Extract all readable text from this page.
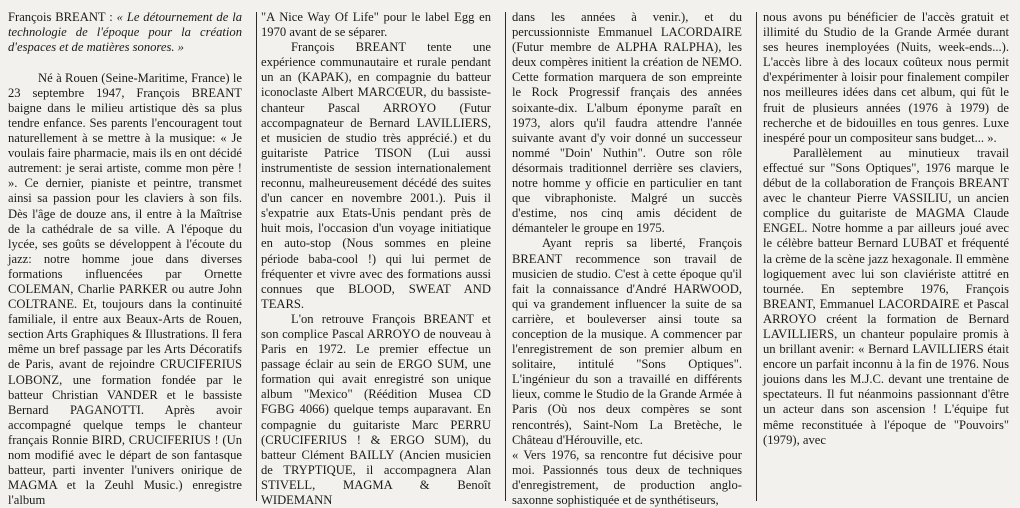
François BREANT : « Le détournement de la technologie de l'époque pour la création d'espaces et de matières sonores. »

Né à Rouen (Seine-Maritime, France) le 23 septembre 1947, François BREANT baigne dans le milieu artistique dès sa plus tendre enfance. Ses parents l'encouragent tout naturellement à se mettre à la musique: « Je voulais faire pharmacie, mais ils en ont décidé autrement: je serai artiste, comme mon père ! ». Ce dernier, pianiste et peintre, transmet ainsi sa passion pour les claviers à son fils. Dès l'âge de douze ans, il entre à la Maîtrise de la cathédrale de sa ville. A l'époque du lycée, ses goûts se développent à l'écoute du jazz: notre homme joue dans diverses formations influencées par Ornette COLEMAN, Charlie PARKER ou autre John COLTRANE. Et, toujours dans la continuité familiale, il entre aux Beaux-Arts de Rouen, section Arts Graphiques & Illustrations. Il fera même un bref passage par les Arts Décoratifs de Paris, avant de rejoindre CRUCIFERIUS LOBONZ, une formation fondée par le batteur Christian VANDER et le bassiste Bernard PAGANOTTI. Après avoir accompagné quelque temps le chanteur français Ronnie BIRD, CRUCIFERIUS ! (Un nom modifié avec le départ de son fantasque batteur, parti inventer l'univers onirique de MAGMA et la Zeuhl Music.) enregistre l'album

"A Nice Way Of Life" pour le label Egg en 1970 avant de se séparer.

François BREANT tente une expérience communautaire et rurale pendant un an (KAPAK), en compagnie du batteur iconoclaste Albert MARCŒUR, du bassiste-chanteur Pascal ARROYO (Futur accompagnateur de Bernard LAVILLIERS, et musicien de studio très apprécié.) et du guitariste Patrice TISON (Lui aussi instrumentiste de session internationalement reconnu, malheureusement décédé des suites d'un cancer en novembre 2001.). Puis il s'expatrie aux Etats-Unis pendant près de huit mois, l'occasion d'un voyage initiatique en auto-stop (Nous sommes en pleine période baba-cool !) qui lui permet de fréquenter et vivre avec des formations aussi connues que BLOOD, SWEAT AND TEARS.

L'on retrouve François BREANT et son complice Pascal ARROYO de nouveau à Paris en 1972. Le premier effectue un passage éclair au sein de ERGO SUM, une formation qui avait enregistré son unique album "Mexico" (Réédition Musea CD FGBG 4066) quelque temps auparavant. En compagnie du guitariste Marc PERRU (CRUCIFERIUS ! & ERGO SUM), du batteur Clément BAILLY (Ancien musicien de TRYPTIQUE, il accompagnera Alan STIVELL, MAGMA & Benoît WIDEMANN

dans les années à venir.), et du percussionniste Emmanuel LACORDAIRE (Futur membre de ALPHA RALPHA), les deux compères initient la création de NEMO. Cette formation marquera de son empreinte le Rock Progressif français des années soixante-dix. L'album éponyme paraît en 1973, alors qu'il faudra attendre l'année suivante avant d'y voir donné un successeur nommé "Doin' Nuthin". Outre son rôle désormais traditionnel derrière ses claviers, notre homme y officie en particulier en tant que vibraphoniste. Malgré un succès d'estime, nos cinq amis décident de démanteler le groupe en 1975.

Ayant repris sa liberté, François BREANT recommence son travail de musicien de studio. C'est à cette époque qu'il fait la connaissance d'André HARWOOD, qui va grandement influencer la suite de sa carrière, et bouleverser ainsi toute sa conception de la musique. A commencer par l'enregistrement de son premier album en solitaire, intitulé "Sons Optiques". L'ingénieur du son a travaillé en différents lieux, comme le Studio de la Grande Armée à Paris (Où nos deux compères se sont rencontrés), Saint-Nom La Bretèche, le Château d'Hérouville, etc.

« Vers 1976, sa rencontre fut décisive pour moi. Passionnés tous deux de techniques d'enregistrement, de production anglo-saxonne sophistiquée et de synthétiseurs,

nous avons pu bénéficier de l'accès gratuit et illimité du Studio de la Grande Armée durant ses heures inemployées (Nuits, week-ends...). L'accès libre à des locaux coûteux nous permit d'expérimenter à loisir pour finalement compiler nos meilleures idées dans cet album, qui fût le fruit de plusieurs années (1976 à 1979) de recherche et de bidouilles en tous genres. Luxe inespéré pour un compositeur sans budget... ».

Parallèlement au minutieux travail effectué sur "Sons Optiques", 1976 marque le début de la collaboration de François BREANT avec le chanteur Pierre VASSILIU, un ancien complice du guitariste de MAGMA Claude ENGEL. Notre homme a par ailleurs joué avec le célèbre batteur Bernard LUBAT et fréquenté la crème de la scène jazz hexagonale. Il emmène logiquement avec lui son claviériste attitré en tournée. En septembre 1976, François BREANT, Emmanuel LACORDAIRE et Pascal ARROYO créent la formation de Bernard LAVILLIERS, un chanteur populaire promis à un brillant avenir: « Bernard LAVILLIERS était encore un parfait inconnu à la fin de 1976. Nous jouions dans les M.J.C. devant une trentaine de spectateurs. Il fut néanmoins passionnant d'être un acteur dans son ascension ! L'équipe fut même reconstituée à l'époque de "Pouvoirs" (1979), avec
